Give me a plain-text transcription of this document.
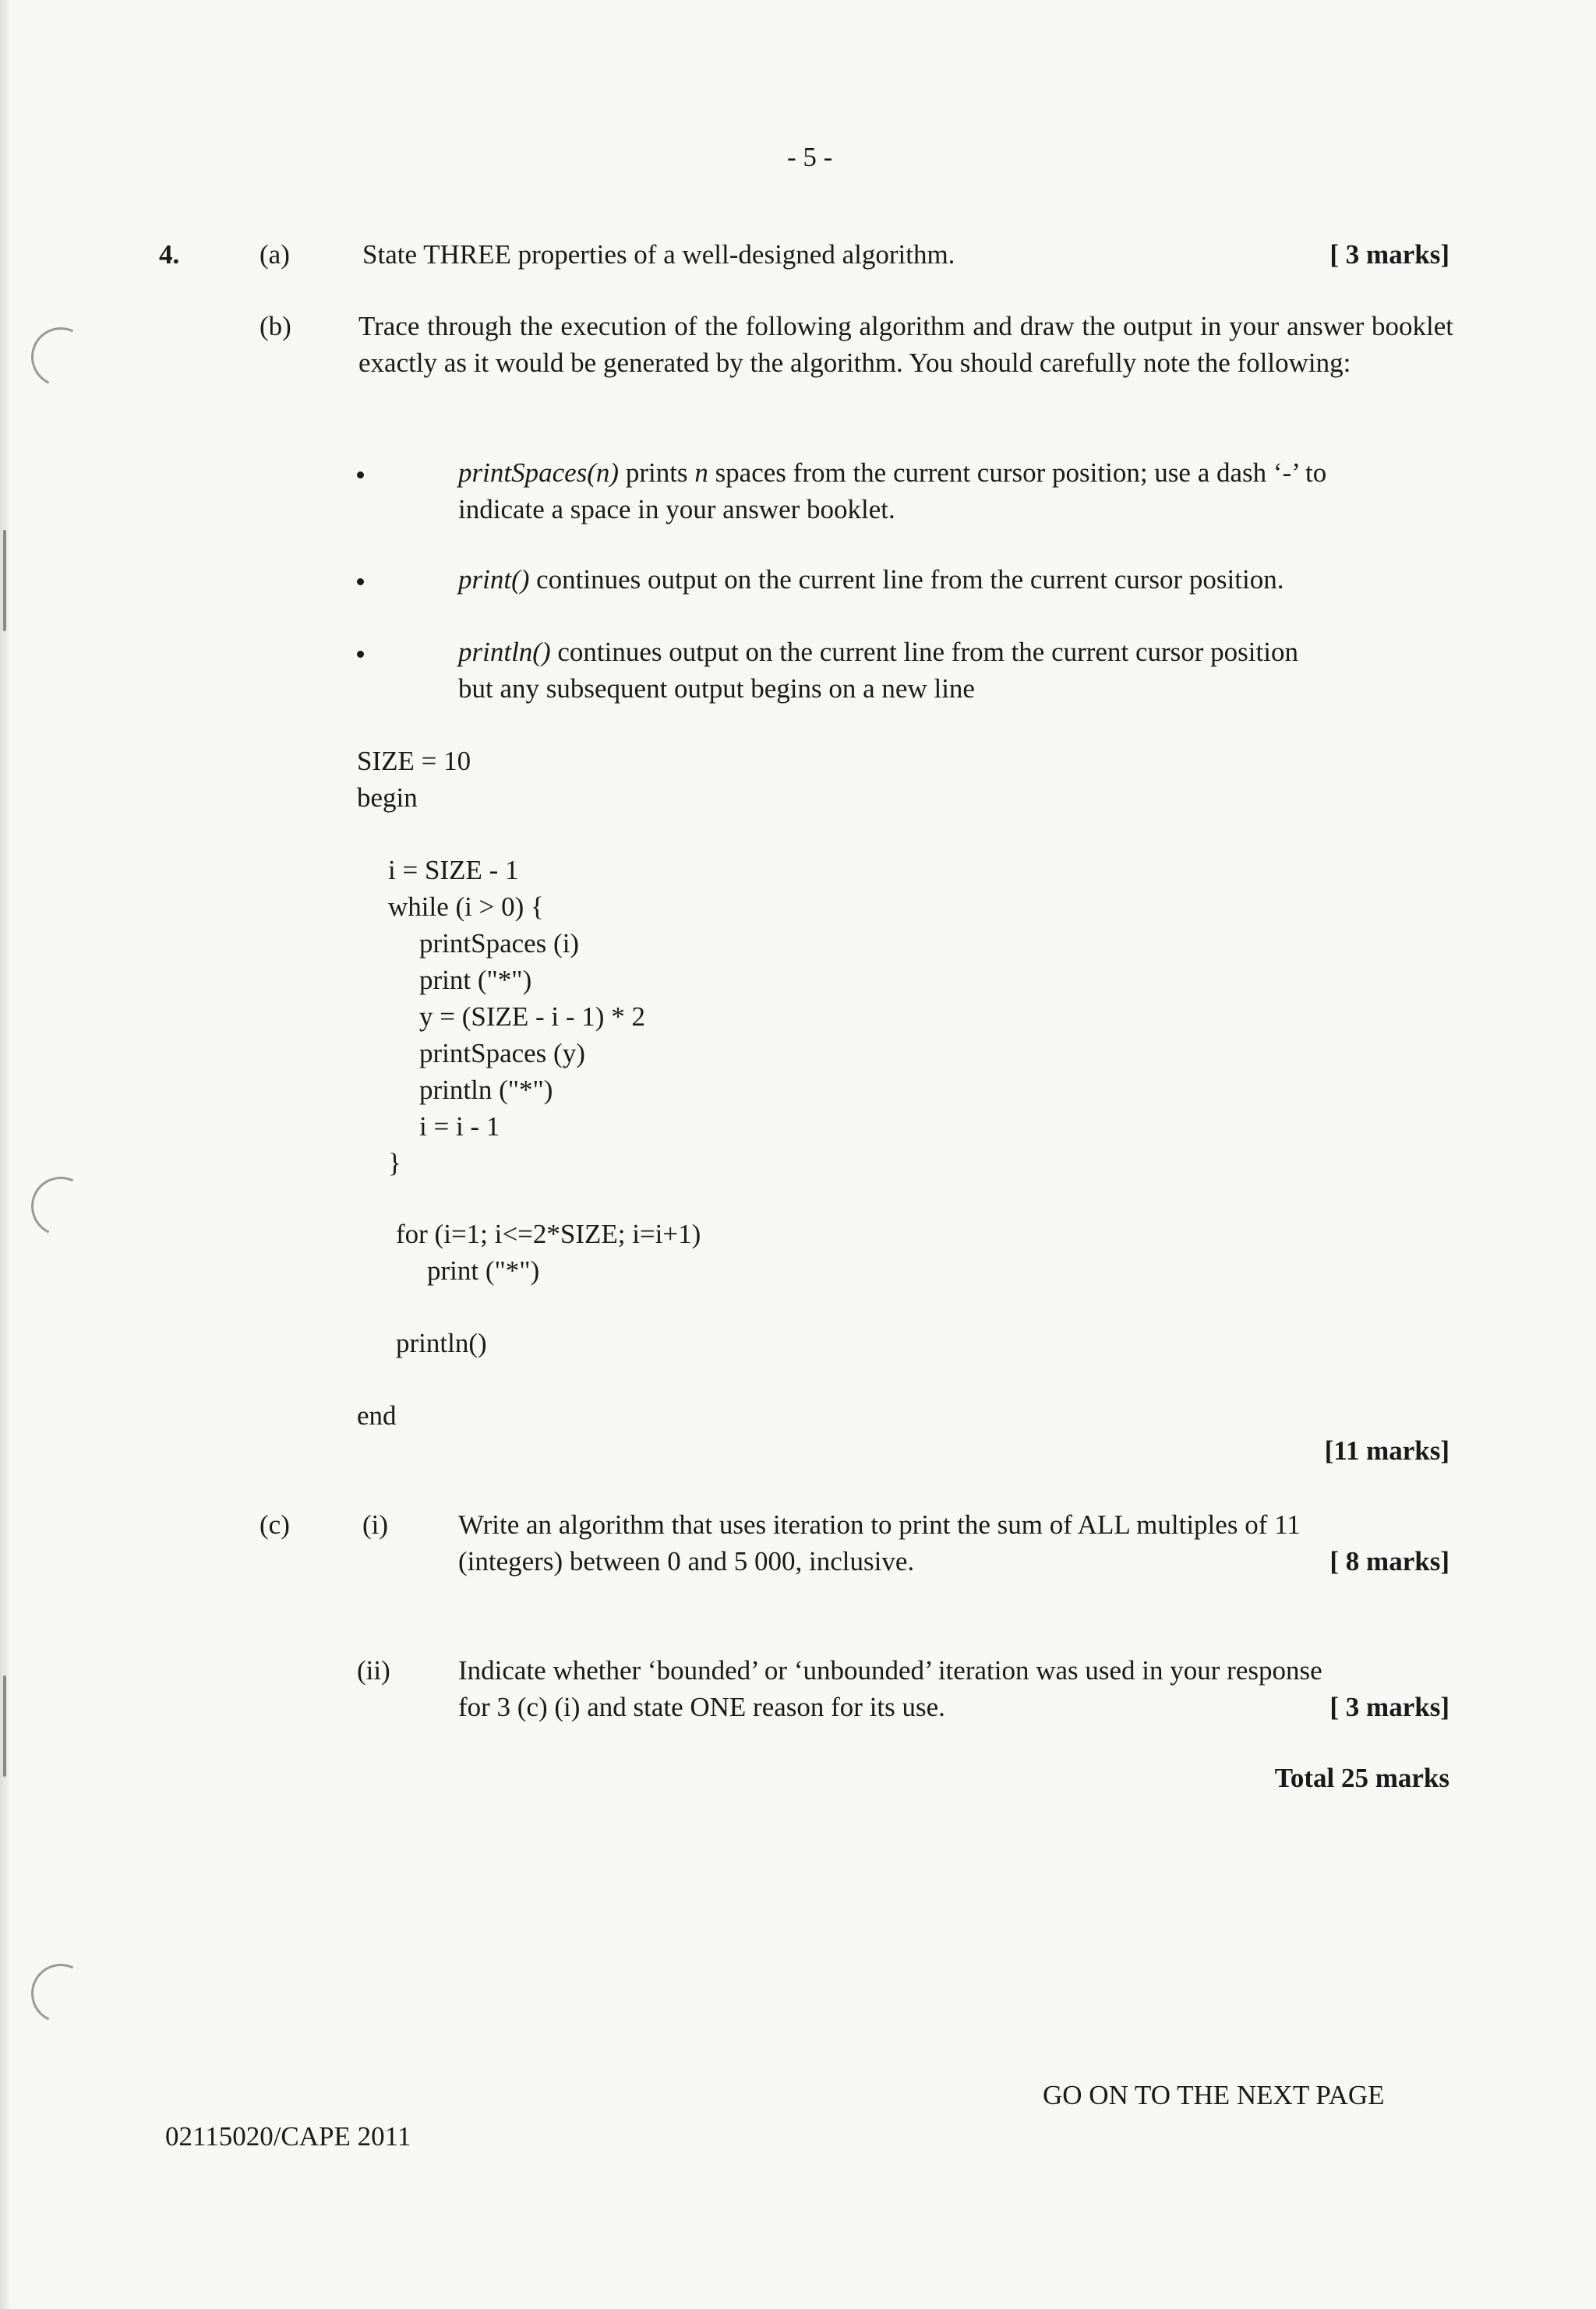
- 5 -
4.	(a)	State THREE properties of a well-designed algorithm.	[ 3 marks]
(b) Trace through the execution of the following algorithm and draw the output in your answer booklet exactly as it would be generated by the algorithm. You should carefully note the following:
printSpaces(n) prints n spaces from the current cursor position; use a dash ‘-’ to
indicate a space in your answer booklet.
print() continues output on the current line from the current cursor position.
println() continues output on the current line from the current cursor position
but any subsequent output begins on a new line
SIZE = 10
begin
i = SIZE - 1
while (i > 0) {
printSpaces (i)
print ("*")
y = (SIZE - i - 1) * 2
printSpaces (y)
println ("*")
i = i - 1
}
for (i=1; i<=2*SIZE; i=i+1)
print ("*")
println()
end
[11 marks]
(c)	(i)	Write an algorithm that uses iteration to print the sum of ALL multiples of 11
(integers) between 0 and 5 000, inclusive.	[ 8 marks]
(ii) Indicate whether ‘bounded’ or ‘unbounded’ iteration was used in your response
for 3 (c) (i) and state ONE reason for its use.	[ 3 marks]
Total 25 marks
GO ON TO THE NEXT PAGE
02115020/CAPE 2011
